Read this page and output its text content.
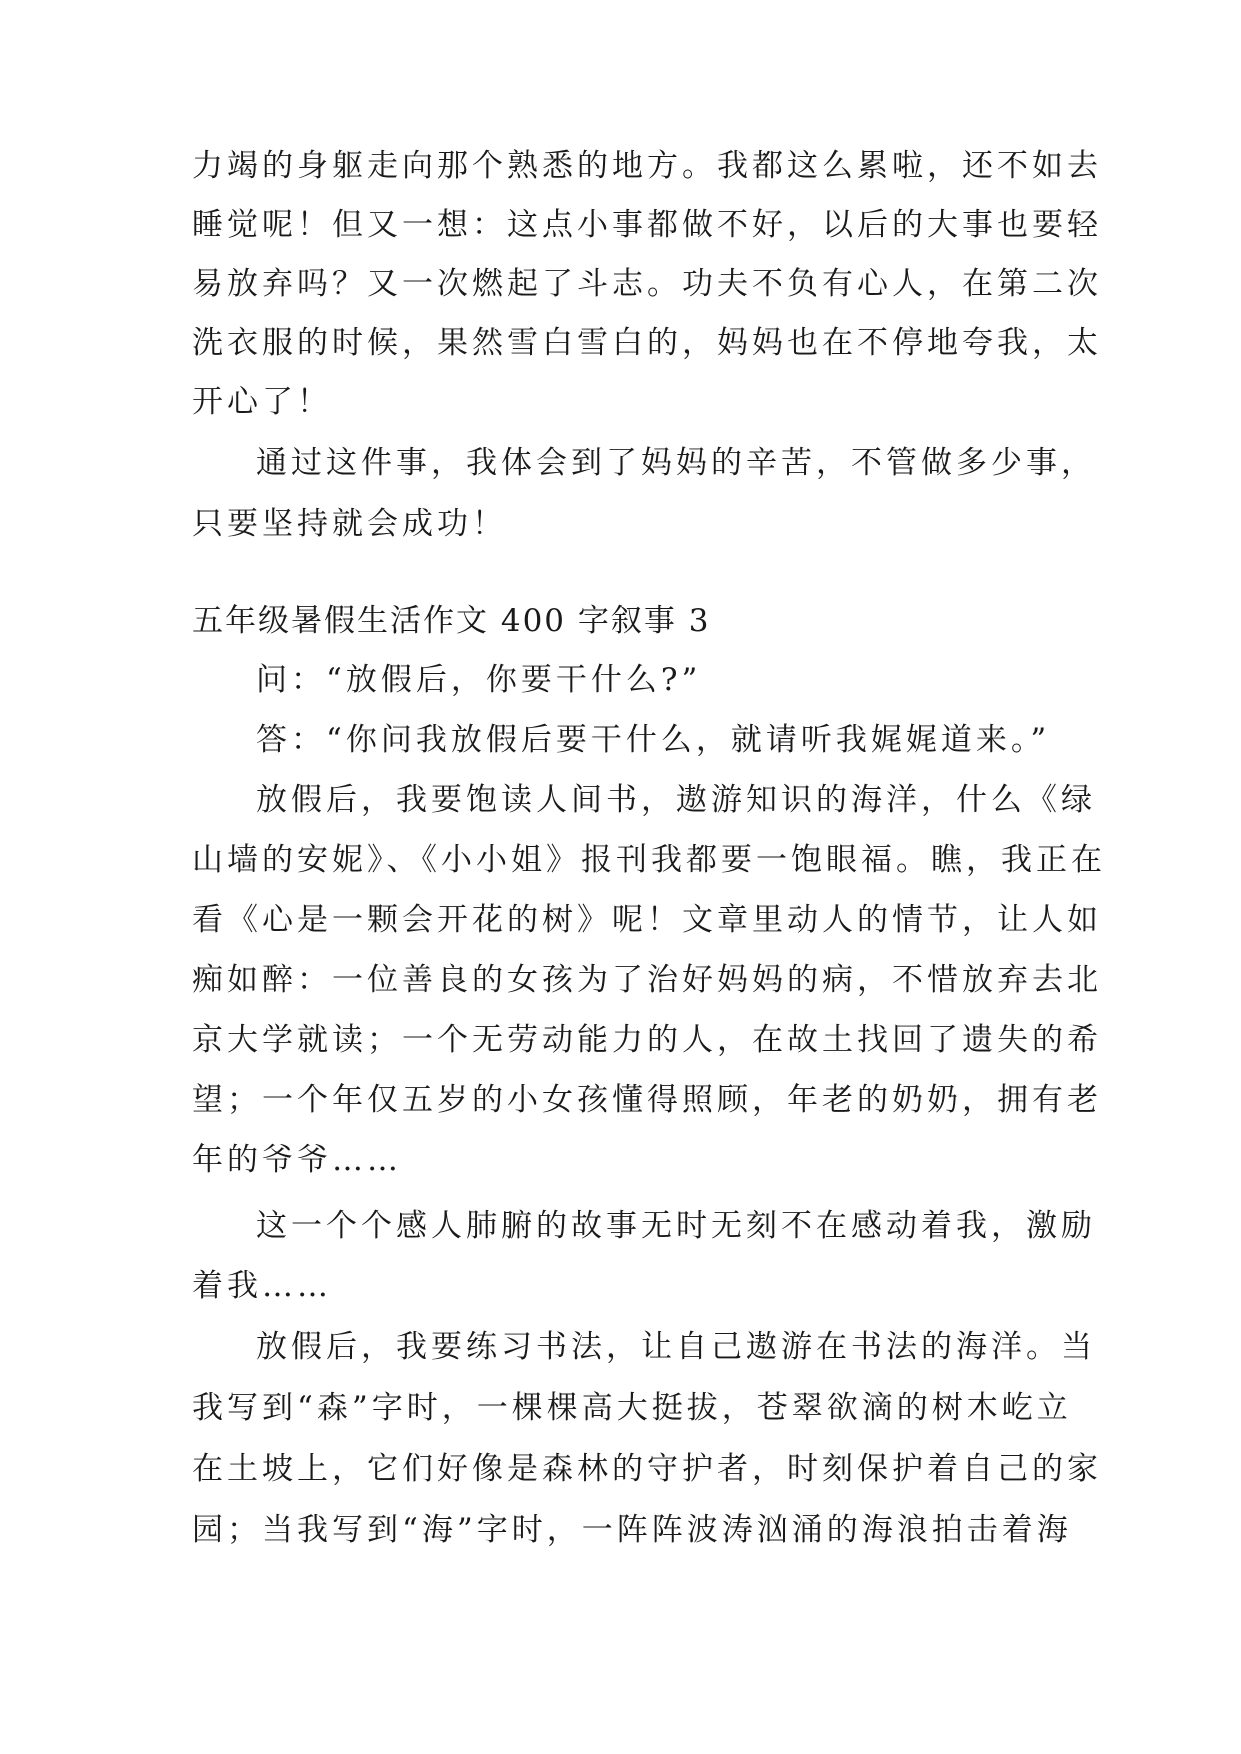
力竭的身躯走向那个熟悉的地方。我都这么累啦，还不如去
睡觉呢！但又一想：这点小事都做不好，以后的大事也要轻
易放弃吗？又一次燃起了斗志。功夫不负有心人，在第二次
洗衣服的时候，果然雪白雪白的，妈妈也在不停地夸我，太
开心了！
通过这件事，我体会到了妈妈的辛苦，不管做多少事，
只要坚持就会成功！
五年级暑假生活作文 400 字叙事 3
问：“放假后，你要干什么?”
答：“你问我放假后要干什么，就请听我娓娓道来。”
放假后，我要饱读人间书，遨游知识的海洋，什么《绿
山墙的安妮》、《小小姐》报刊我都要一饱眼福。瞧，我正在
看《心是一颗会开花的树》呢！文章里动人的情节，让人如
痴如醉：一位善良的女孩为了治好妈妈的病，不惜放弃去北
京大学就读；一个无劳动能力的人，在故土找回了遗失的希
望；一个年仅五岁的小女孩懂得照顾，年老的奶奶，拥有老
年的爷爷……
这一个个感人肺腑的故事无时无刻不在感动着我，激励
着我……
放假后，我要练习书法，让自己遨游在书法的海洋。当
我写到“森”字时，一棵棵高大挺拔，苍翠欲滴的树木屹立
在土坡上，它们好像是森林的守护者，时刻保护着自己的家
园；当我写到“海”字时，一阵阵波涛汹涌的海浪拍击着海
